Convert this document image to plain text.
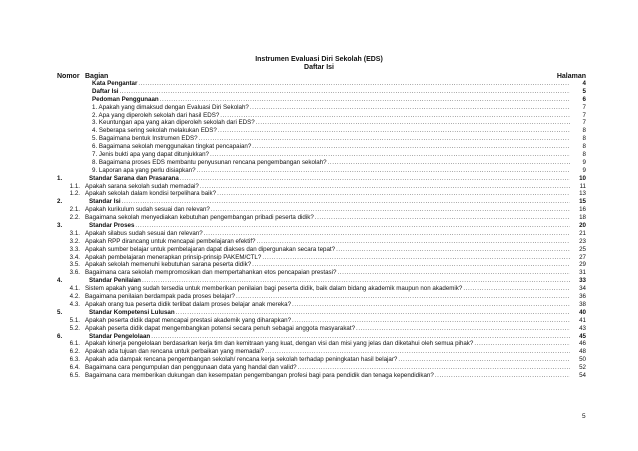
Instrumen Evaluasi Diri Sekolah (EDS)
Daftar Isi
Nomor Bagian	Halaman
Kata Pengantar .....	4
Daftar Isi .....	5
Pedoman Penggunaan .....	6
1. Apakah yang dimaksud dengan Evaluasi Diri Sekolah? .....	7
2. Apa yang diperoleh sekolah dari hasil EDS? .....	7
3. Keuntungan apa yang akan diperoleh sekolah dari EDS? .....	7
4. Seberapa sering sekolah melakukan EDS? .....	8
5. Bagaimana bentuk Instrumen EDS? .....	8
6. Bagaimana sekolah menggunakan tingkat pencapaian? .....	8
7. Jenis bukti apa yang dapat ditunjukkan? .....	8
8. Bagaimana proses EDS membantu penyusunan rencana pengembangan sekolah? .....	9
9. Laporan apa yang perlu disiapkan? .....	9
1.	Standar Sarana dan Prasarana .....	10
1.1. Apakah sarana sekolah sudah memadai? .....	11
1.2. Apakah sekolah dalam kondisi terpelihara baik? .....	13
2.	Standar Isi .....	15
2.1. Apakah kurikulum sudah sesuai dan relevan? .....	16
2.2. Bagaimana sekolah menyediakan kebutuhan pengembangan pribadi peserta didik? .....	18
3.	Standar Proses .....	20
3.1. Apakah silabus sudah sesuai dan relevan? .....	21
3.2. Apakah RPP dirancang untuk mencapai pembelajaran efektif? .....	23
3.3. Apakah sumber belajar untuk pembelajaran dapat diakses dan dipergunakan secara tepat? .....	25
3.4. Apakah pembelajaran menerapkan prinsip-prinsip PAKEM/CTL? .....	27
3.5. Apakah sekolah memenuhi kebutuhan sarana peserta didik? .....	29
3.6. Bagaimana cara sekolah mempromosikan dan mempertahankan etos pencapaian prestasi? .....	31
4.	Standar Penilaian .....	33
4.1. Sistem apakah yang sudah tersedia untuk memberikan penilaian bagi peserta didik, baik dalam bidang akademik maupun non akademik? .....	34
4.2. Bagaimana penilaian berdampak pada proses belajar? .....	36
4.3. Apakah orang tua peserta didik terlibat dalam proses belajar anak mereka? .....	38
5.	Standar Kompetensi Lulusan .....	40
5.1. Apakah peserta didik dapat mencapai prestasi akademik yang diharapkan? .....	41
5.2. Apakah peserta didik dapat mengembangkan potensi secara penuh sebagai anggota masyarakat? .....	43
6.	Standar Pengelolaan .....	45
6.1. Apakah kinerja pengelolaan berdasarkan kerja tim dan kemitraan yang kuat, dengan visi dan misi yang jelas dan diketahui oleh semua pihak? .....	46
6.2. Apakah ada tujuan dan rencana untuk perbaikan yang memadai? .....	48
6.3. Apakah ada dampak rencana pengembangan sekolah/ rencana kerja sekolah terhadap peningkatan hasil belajar? .....	50
6.4. Bagaimana cara pengumpulan dan penggunaan data yang handal dan valid? .....	52
6.5. Bagaimana cara memberikan dukungan dan kesempatan pengembangan profesi bagi para pendidik dan tenaga kependidikan? .....	54
5
